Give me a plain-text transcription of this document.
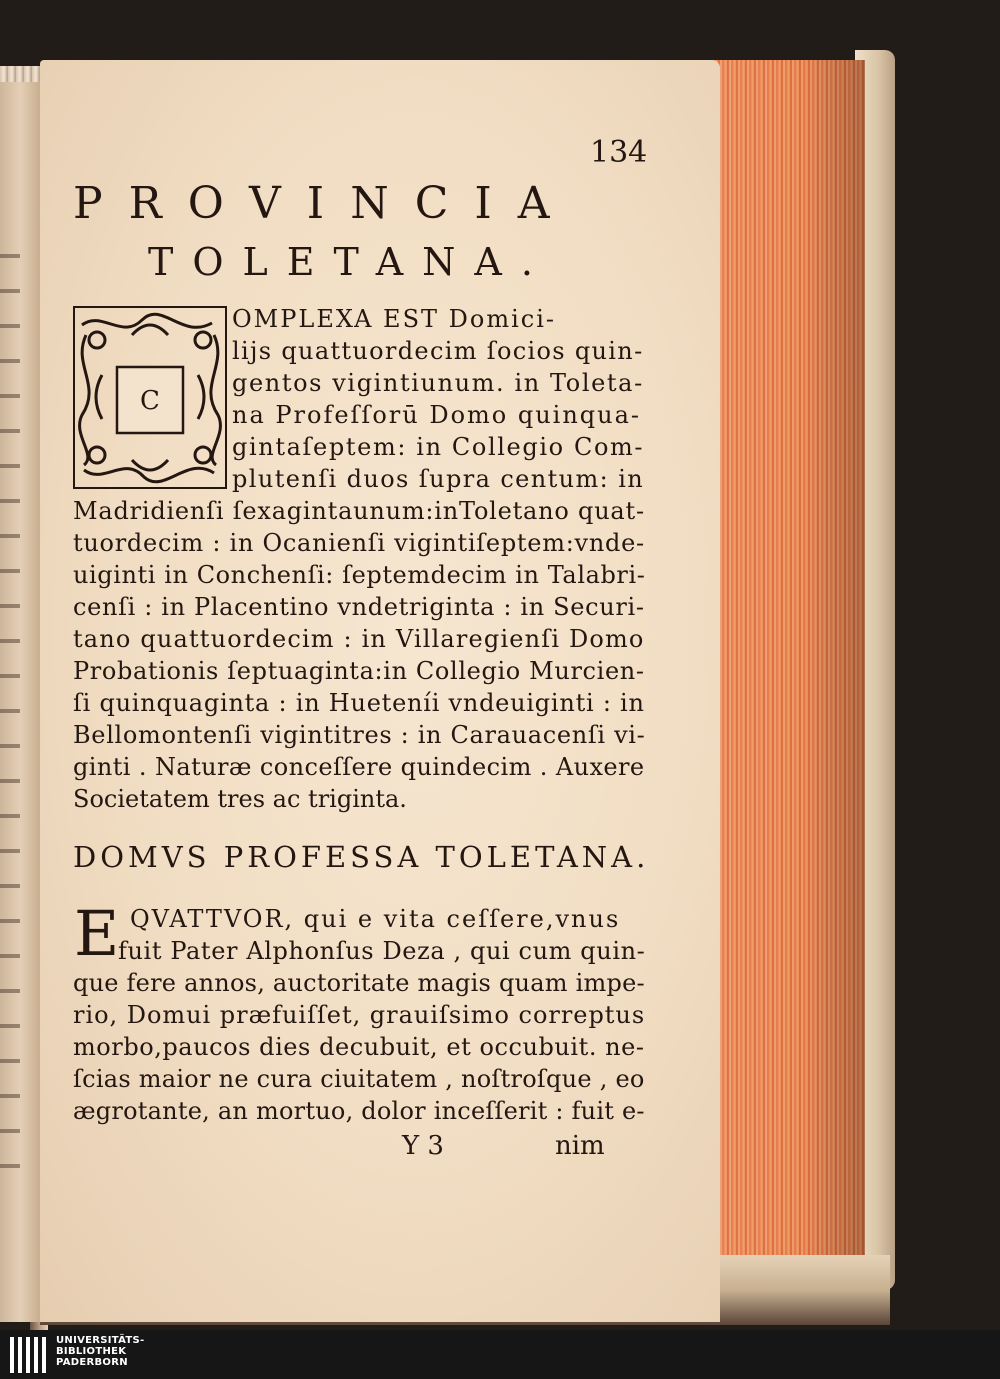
134
PROVINCIA
TOLETANA.
C
OMPLEXA EST Domici-
lijs quattuordecim ſocios quin-
gentos vigintiunum. in Toleta-
na Profeſſorū Domo quinqua-
gintaſeptem: in Collegio Com-
plutenſi duos ſupra centum: in
Madridienſi ſexagintaunum:inToletano quat-
tuordecim : in Ocanienſi vigintiſeptem:vnde-
uiginti in Conchenſi: ſeptemdecim in Talabri-
cenſi : in Placentino vndetriginta : in Securi-
tano quattuordecim : in Villaregienſi Domo
Probationis ſeptuaginta:in Collegio Murcien-
ſi quinquaginta : in Hueteníi vndeuiginti : in
Bellomontenſi vigintitres : in Carauacenſi vi-
ginti . Naturæ conceſſere quindecim . Auxere
Societatem tres ac triginta.
DOMVS PROFESSA TOLETANA.
E QVATTVOR, qui e vita ceſſere,vnus
fuit Pater Alphonſus Deza , qui cum quin-
que fere annos, auctoritate magis quam impe-
rio, Domui præfuiſſet, grauiſsimo correptus
morbo,paucos dies decubuit, et occubuit. ne-
ſcias maior ne cura ciuitatem , noſtroſque , eo
ægrotante, an mortuo, dolor inceſſerit : fuit e-
Y 3	nim
UNIVERSITÄTS-
BIBLIOTHEK
PADERBORN
